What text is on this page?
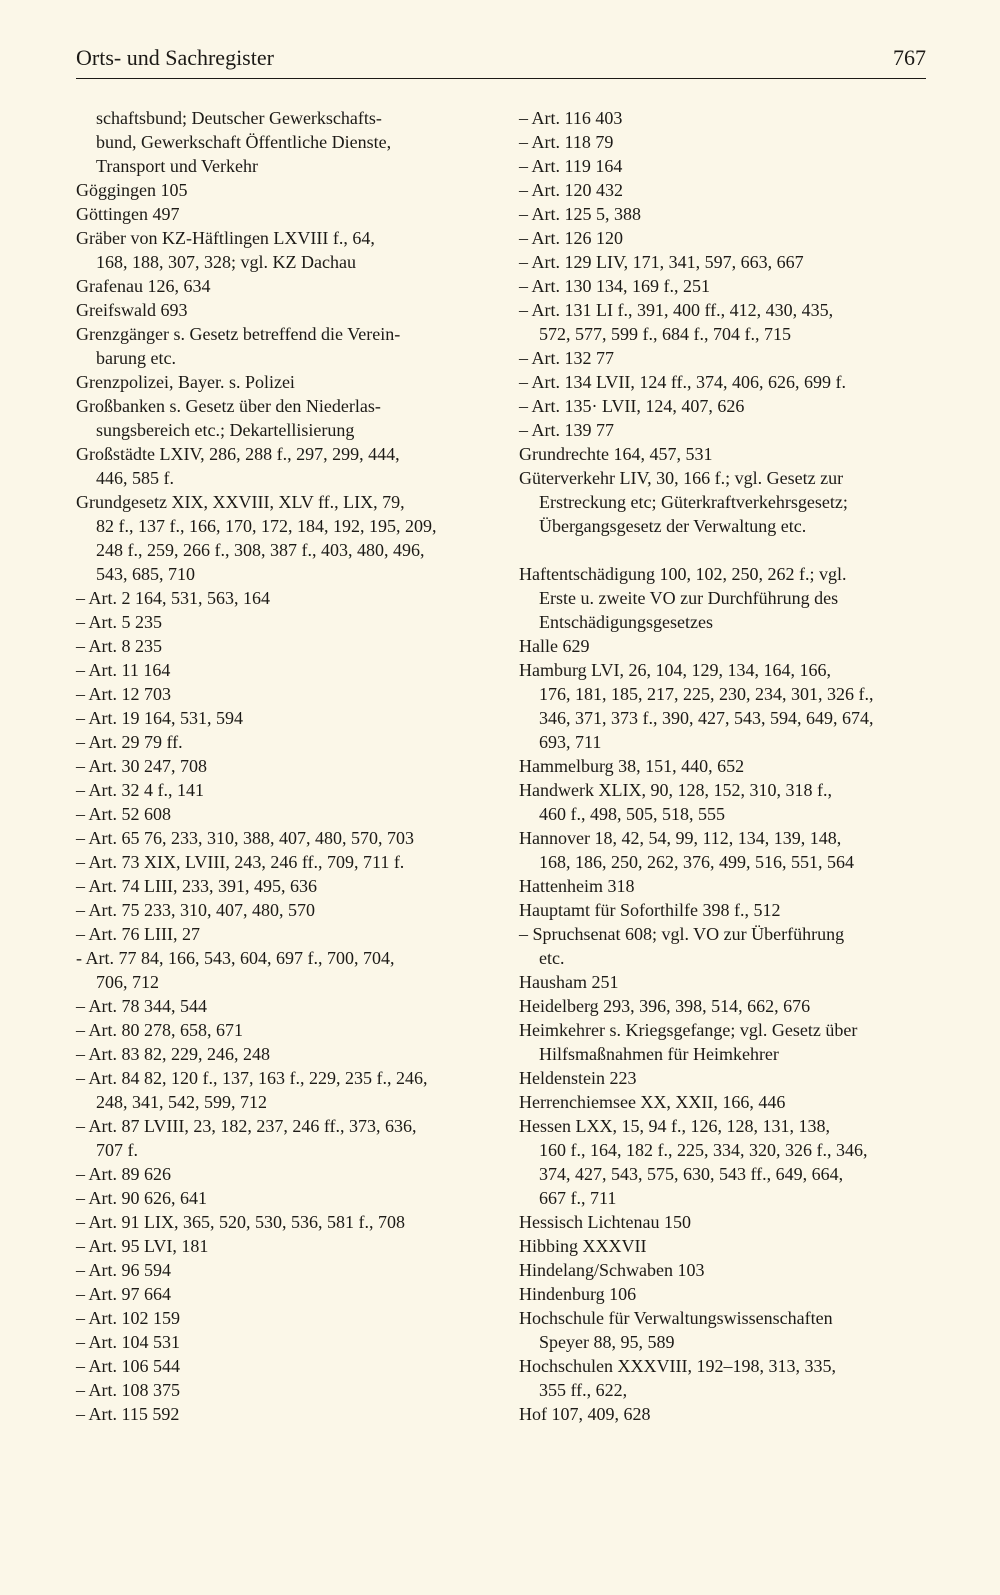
Orts- und Sachregister	767
schaftsbund; Deutscher Gewerkschafts-
bund, Gewerkschaft Öffentliche Dienste,
Transport und Verkehr
Göggingen 105
Göttingen 497
Gräber von KZ-Häftlingen LXVIII f., 64,
168, 188, 307, 328; vgl. KZ Dachau
Grafenau 126, 634
Greifswald 693
Grenzgänger s. Gesetz betreffend die Verein-
barung etc.
Grenzpolizei, Bayer. s. Polizei
Großbanken s. Gesetz über den Niederlas-
sungsbereich etc.; Dekartellisierung
Großstädte LXIV, 286, 288 f., 297, 299, 444,
446, 585 f.
Grundgesetz XIX, XXVIII, XLV ff., LIX, 79,
82 f., 137 f., 166, 170, 172, 184, 192, 195, 209,
248 f., 259, 266 f., 308, 387 f., 403, 480, 496,
543, 685, 710
– Art. 2 164, 531, 563, 164
– Art. 5 235
– Art. 8 235
– Art. 11 164
– Art. 12 703
– Art. 19 164, 531, 594
– Art. 29 79 ff.
– Art. 30 247, 708
– Art. 32 4 f., 141
– Art. 52 608
– Art. 65 76, 233, 310, 388, 407, 480, 570, 703
– Art. 73 XIX, LVIII, 243, 246 ff., 709, 711 f.
– Art. 74 LIII, 233, 391, 495, 636
– Art. 75 233, 310, 407, 480, 570
– Art. 76 LIII, 27
- Art. 77 84, 166, 543, 604, 697 f., 700, 704,
706, 712
– Art. 78 344, 544
– Art. 80 278, 658, 671
– Art. 83 82, 229, 246, 248
– Art. 84 82, 120 f., 137, 163 f., 229, 235 f., 246,
248, 341, 542, 599, 712
– Art. 87 LVIII, 23, 182, 237, 246 ff., 373, 636,
707 f.
– Art. 89 626
– Art. 90 626, 641
– Art. 91 LIX, 365, 520, 530, 536, 581 f., 708
– Art. 95 LVI, 181
– Art. 96 594
– Art. 97 664
– Art. 102 159
– Art. 104 531
– Art. 106 544
– Art. 108 375
– Art. 115 592
– Art. 116 403
– Art. 118 79
– Art. 119 164
– Art. 120 432
– Art. 125 5, 388
– Art. 126 120
– Art. 129 LIV, 171, 341, 597, 663, 667
– Art. 130 134, 169 f., 251
– Art. 131 LI f., 391, 400 ff., 412, 430, 435,
572, 577, 599 f., 684 f., 704 f., 715
– Art. 132 77
– Art. 134 LVII, 124 ff., 374, 406, 626, 699 f.
– Art. 135· LVII, 124, 407, 626
– Art. 139 77
Grundrechte 164, 457, 531
Güterverkehr LIV, 30, 166 f.; vgl. Gesetz zur
Erstreckung etc; Güterkraftverkehrsgesetz;
Übergangsgesetz der Verwaltung etc.
Haftentschädigung 100, 102, 250, 262 f.; vgl.
Erste u. zweite VO zur Durchführung des
Entschädigungsgesetzes
Halle 629
Hamburg LVI, 26, 104, 129, 134, 164, 166,
176, 181, 185, 217, 225, 230, 234, 301, 326 f.,
346, 371, 373 f., 390, 427, 543, 594, 649, 674,
693, 711
Hammelburg 38, 151, 440, 652
Handwerk XLIX, 90, 128, 152, 310, 318 f.,
460 f., 498, 505, 518, 555
Hannover 18, 42, 54, 99, 112, 134, 139, 148,
168, 186, 250, 262, 376, 499, 516, 551, 564
Hattenheim 318
Hauptamt für Soforthilfe 398 f., 512
– Spruchsenat 608; vgl. VO zur Überführung
etc.
Hausham 251
Heidelberg 293, 396, 398, 514, 662, 676
Heimkehrer s. Kriegsgefange; vgl. Gesetz über
Hilfsmaßnahmen für Heimkehrer
Heldenstein 223
Herrenchiemsee XX, XXII, 166, 446
Hessen LXX, 15, 94 f., 126, 128, 131, 138,
160 f., 164, 182 f., 225, 334, 320, 326 f., 346,
374, 427, 543, 575, 630, 543 ff., 649, 664,
667 f., 711
Hessisch Lichtenau 150
Hibbing XXXVII
Hindelang/Schwaben 103
Hindenburg 106
Hochschule für Verwaltungswissenschaften
Speyer 88, 95, 589
Hochschulen XXXVIII, 192–198, 313, 335,
355 ff., 622,
Hof 107, 409, 628
